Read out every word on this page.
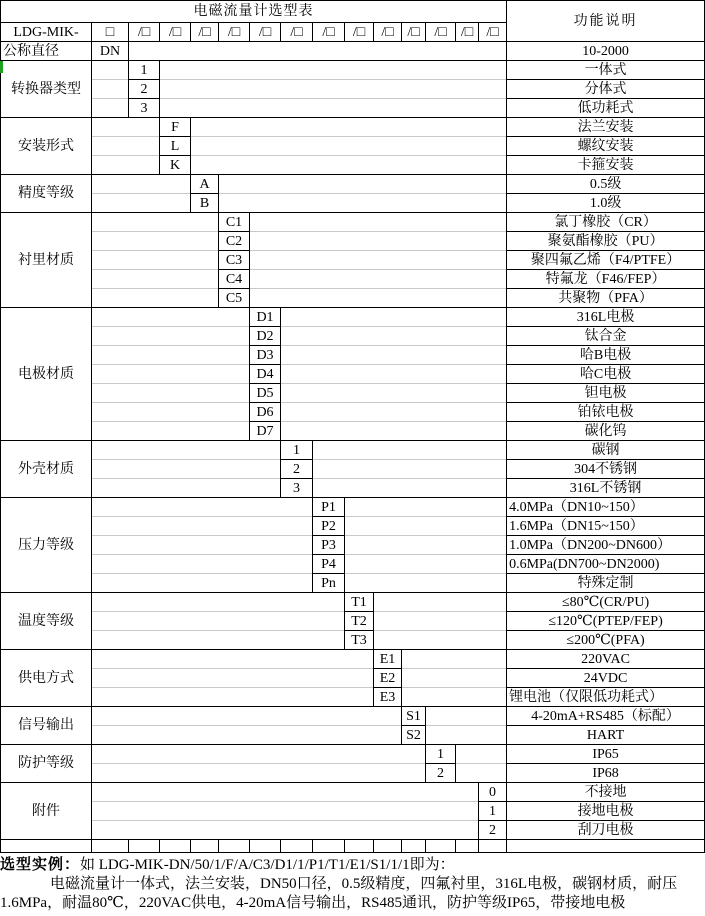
电磁流量计选型表															功能说明
LDG-MIK-	□	/□	/□	/□	/□	/□	/□	/□	/□	/□	/□	/□	/□	/□	
公称直径	DN														10-2000
转换器类型		1													一体式
		2													分体式
		3													低功耗式
安装形式			F												法兰安装
			L												螺纹安装
			K												卡箍安装
精度等级				A											0.5级
				B											1.0级
衬里材质					C1										氯丁橡胶（CR）
					C2										聚氨酯橡胶（PU）
					C3										聚四氟乙烯（F4/PTFE）
					C4										特氟龙（F46/FEP）
					C5										共聚物（PFA）
电极材质						D1									316L电极
						D2									钛合金
						D3									哈B电极
						D4									哈C电极
						D5									钽电极
						D6									铂铱电极
						D7									碳化钨
外壳材质							1								碳钢
							2								304不锈钢
							3								316L不锈钢
压力等级								P1							4.0MPa（DN10~150）
								P2							1.6MPa（DN15~150）
								P3							1.0MPa（DN200~DN600）
								P4							0.6MPa(DN700~DN2000)
								Pn							特殊定制
温度等级									T1						≤80℃(CR/PU)
									T2						≤120℃(PTEP/FEP)
									T3						≤200℃(PFA)
供电方式										E1					220VAC
										E2					24VDC
										E3					锂电池（仅限低功耗式）
信号输出											S1				4-20mA+RS485（标配）
											S2				HART
防护等级												1			IP65
												2			IP68
附件														0	不接地
														1	接地电极
														2	刮刀电极

选型实例：如 LDG-MIK-DN/50/1/F/A/C3/D1/1/P1/T1/E1/S1/1/1即为：
电磁流量计一体式，法兰安装，DN50口径，0.5级精度，四氟衬里，316L电极，碳钢材质，耐压
1.6MPa，耐温80℃，220VAC供电，4-20mA信号输出，RS485通讯，防护等级IP65，带接地电极
